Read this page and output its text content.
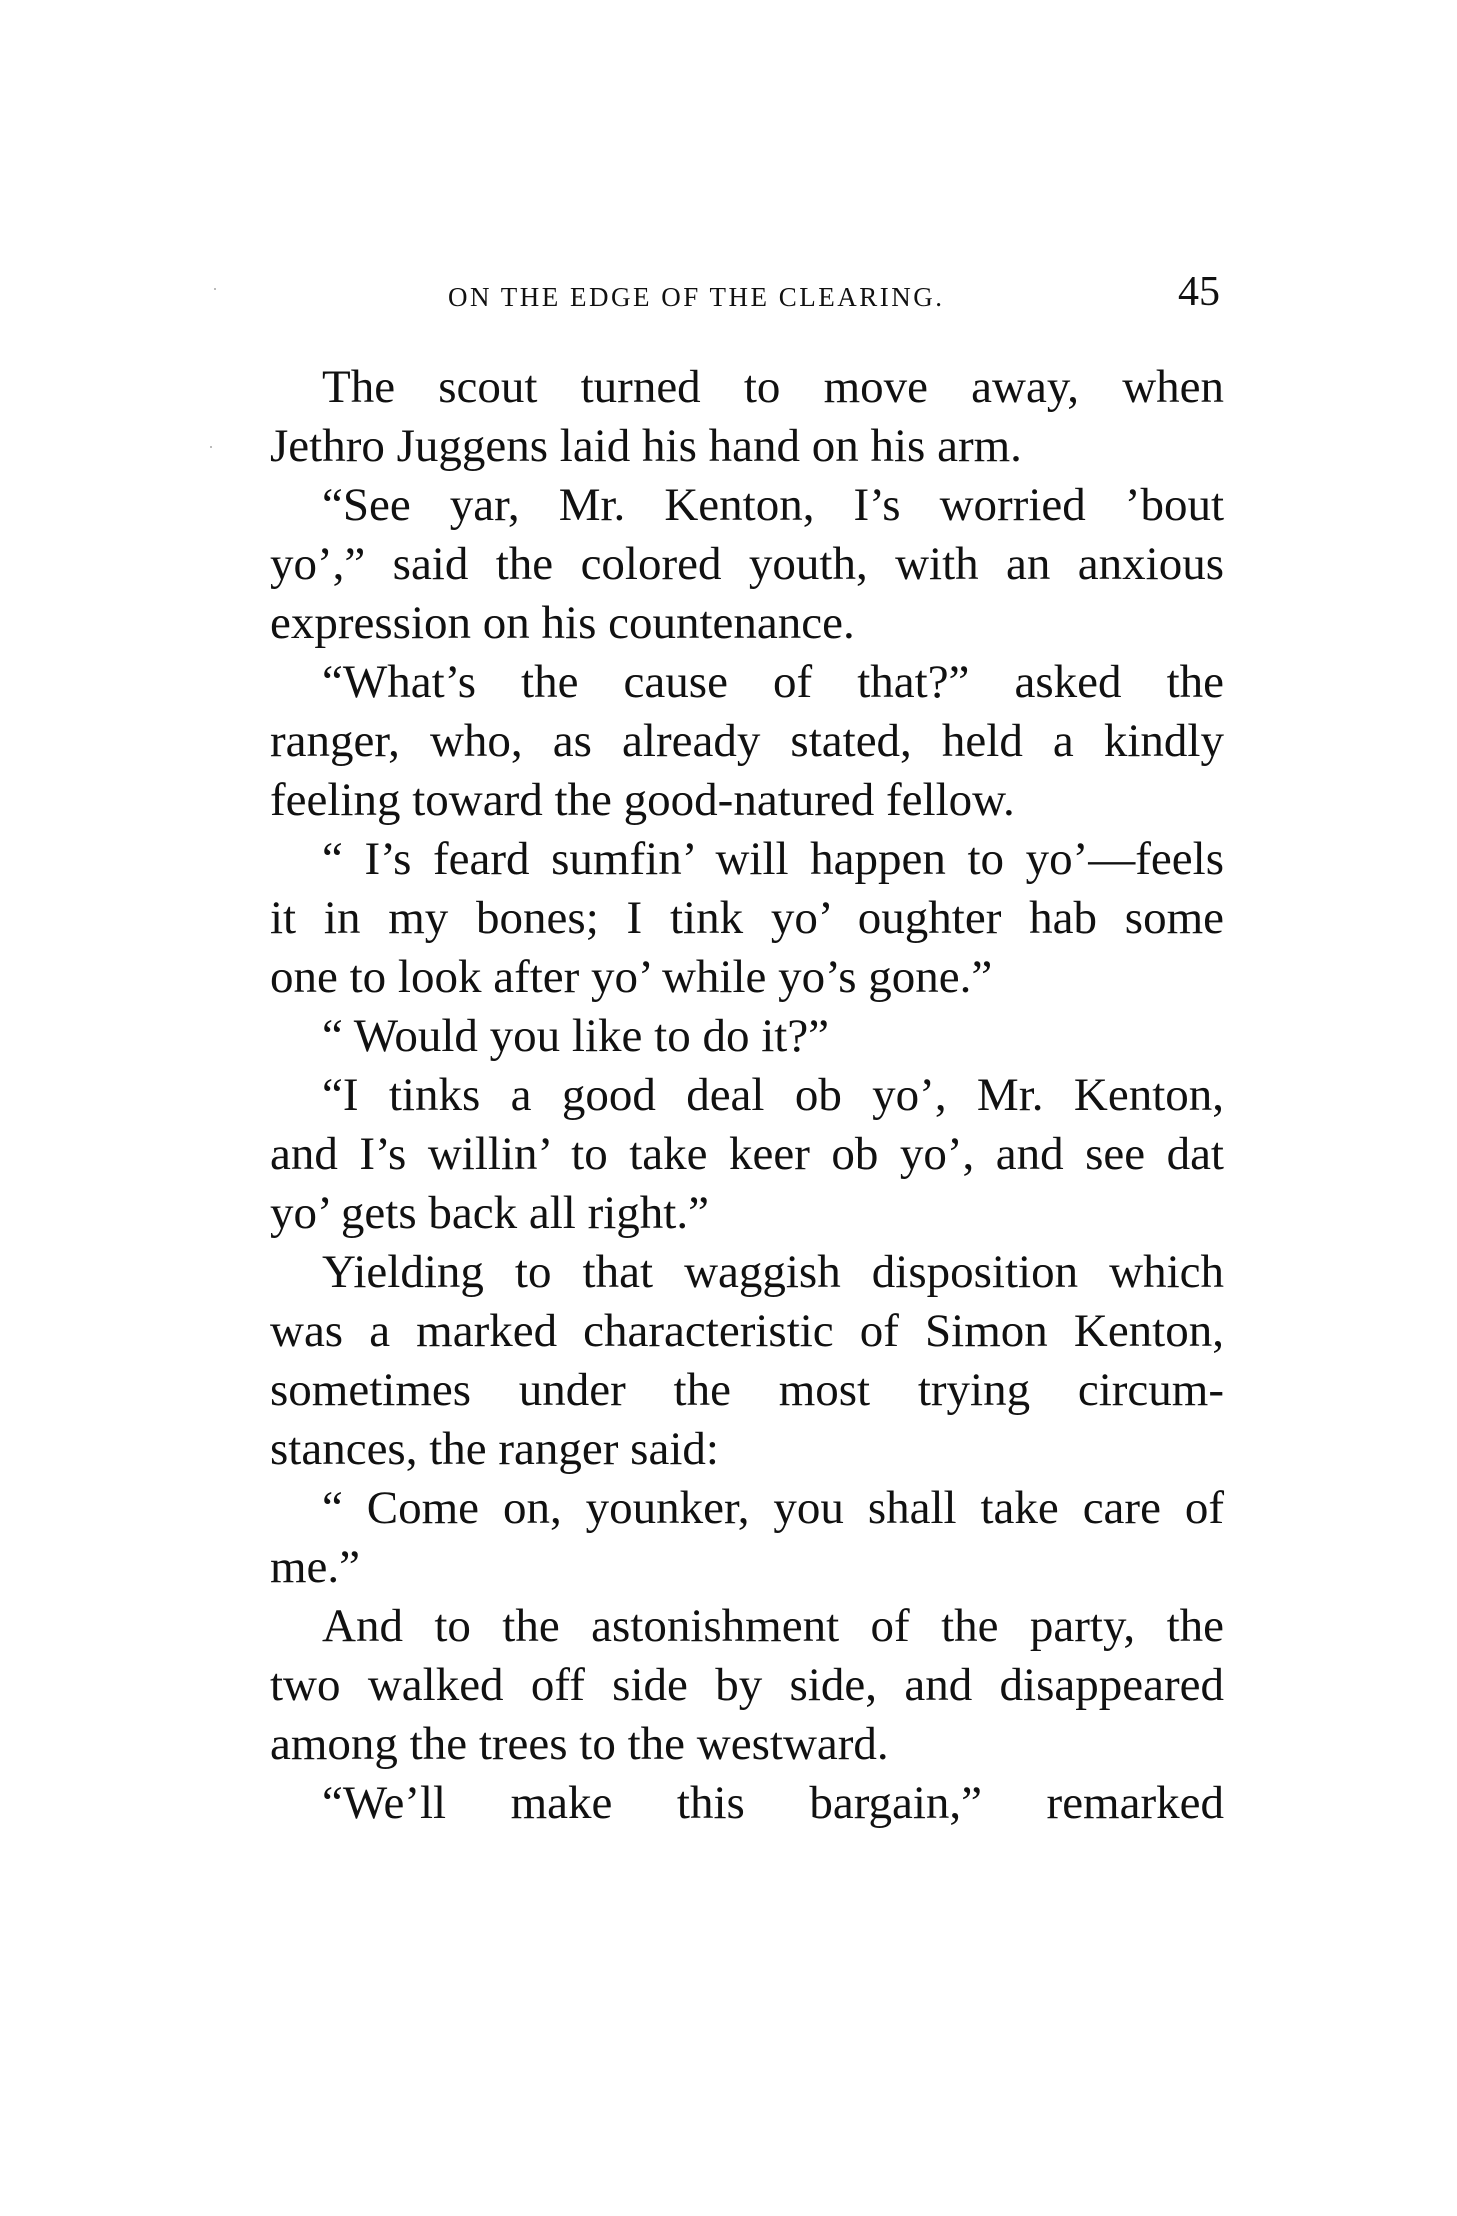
ON THE EDGE OF THE CLEARING.	45
The scout turned to move away, when
Jethro Juggens laid his hand on his arm.
“See yar, Mr. Kenton, I’s worried ’bout
yo’,” said the colored youth, with an anxious
expression on his countenance.
“What’s the cause of that?” asked the
ranger, who, as already stated, held a kindly
feeling toward the good-natured fellow.
“ I’s feard sumfin’ will happen to yo’—feels
it in my bones; I tink yo’ oughter hab some
one to look after yo’ while yo’s gone.”
“ Would you like to do it?”
“I tinks a good deal ob yo’, Mr. Kenton,
and I’s willin’ to take keer ob yo’, and see dat
yo’ gets back all right.”
Yielding to that waggish disposition which
was a marked characteristic of Simon Kenton,
sometimes under the most trying circum-
stances, the ranger said:
“ Come on, younker, you shall take care of
me.”
And to the astonishment of the party, the
two walked off side by side, and disappeared
among the trees to the westward.
“We’ll make this bargain,” remarked
